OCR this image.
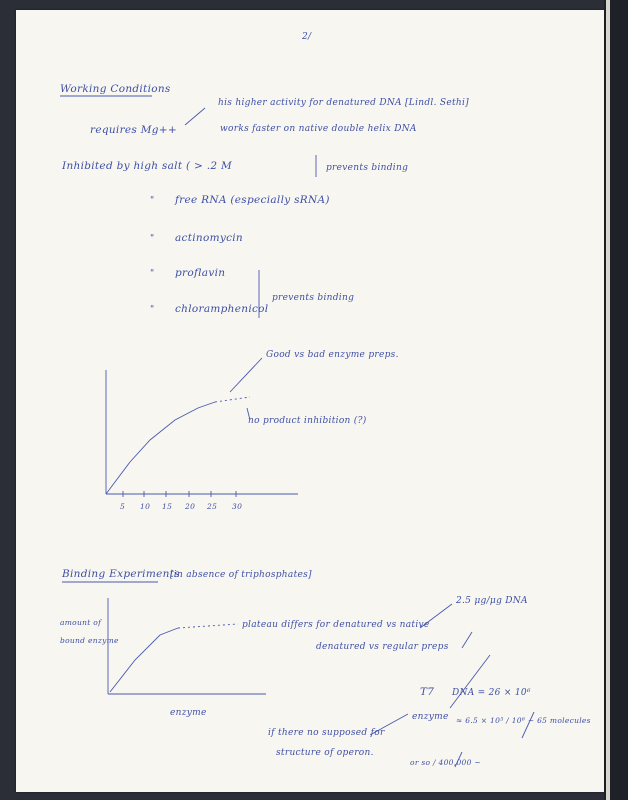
2/
Working Conditions
his higher activity for denatured DNA [Lindl. Sethi]
requires Mg++	works faster on native double helix DNA
Inhibited by high salt ( > .2 M	prevents binding
" free RNA (especially sRNA)
" actinomycin
" proflavin
" chloramphenicol
prevents binding
Good vs bad enzyme preps.
no product inhibition (?)
5 10 15 20 25 30
Binding Experiments
[in absence of triphosphates]
amount of
bound enzyme
plateau differs for denatured vs native
denatured vs regular preps
enzyme
2.5 μg/μg DNA
T7 DNA = 26 × 10⁶
enzyme ≈ 6.5 × 10⁵ / 10⁶ ~ 65 molecules
if there no supposed for
structure of operon.
or so / 400,000 ~
